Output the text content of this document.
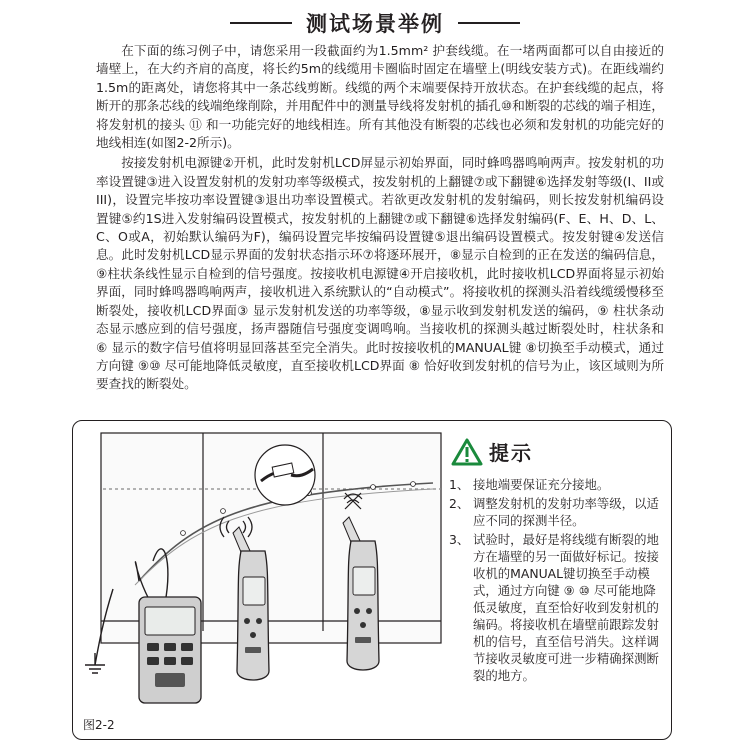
测试场景举例

在下面的练习例子中，请您采用一段截面约为1.5mm² 护套线缆。在一堵两面都可以自由接近的墙壁上，在大约齐肩的高度，将长约5m的线缆用卡圈临时固定在墙壁上(明线安装方式)。在距线端约1.5m的距离处，请您将其中一条芯线剪断。线缆的两个末端要保持开放状态。在护套线缆的起点，将断开的那条芯线的线端绝缘削除，并用配件中的测量导线将发射机的插孔⑩和断裂的芯线的端子相连，将发射机的接头 ⑪ 和一功能完好的地线相连。所有其他没有断裂的芯线也必须和发射机的功能完好的地线相连(如图2-2所示)。

按接发射机电源键②开机，此时发射机LCD屏显示初始界面，同时蜂鸣器鸣响两声。按发射机的功率设置键③进入设置发射机的发射功率等级模式，按发射机的上翻键⑦或下翻键⑥选择发射等级(I、II或III)，设置完毕按功率设置键③退出功率设置模式。若欲更改发射机的发射编码，则长按发射机编码设置键⑤约1S进入发射编码设置模式，按发射机的上翻键⑦或下翻键⑥选择发射编码(F、E、H、D、L、C、O或A，初始默认编码为F)，编码设置完毕按编码设置键⑤退出编码设置模式。按发射键④发送信息。此时发射机LCD显示界面的发射状态指示环⑦将逐环展开，⑧显示自检到的正在发送的编码信息，⑨柱状条线性显示自检到的信号强度。按接收机电源键④开启接收机，此时接收机LCD界面将显示初始界面，同时蜂鸣器鸣响两声，接收机进入系统默认的“自动模式”。将接收机的探测头沿着线缆缓慢移至断裂处，接收机LCD界面③ 显示发射机发送的功率等级，⑧显示收到发射机发送的编码，⑨ 柱状条动态显示感应到的信号强度，扬声器随信号强度变调鸣响。当接收机的探测头越过断裂处时，柱状条和 ⑥ 显示的数字信号值将明显回落甚至完全消失。此时按接收机的MANUAL键 ⑧切换至手动模式，通过方向键 ⑨⑩ 尽可能地降低灵敏度，直至接收机LCD界面 ⑧ 恰好收到发射机的信号为止，该区域则为所要查找的断裂处。

图2-2
提示
1、 接地端要保证充分接地。
2、 调整发射机的发射功率等级，以适应不同的探测半径。
3、 试验时，最好是将线缆有断裂的地方在墙壁的另一面做好标记。按接收机的MANUAL键切换至手动模式，通过方向键 ⑨ ⑩ 尽可能地降低灵敏度，直至恰好收到发射机的编码。将接收机在墙壁前跟踪发射机的信号，直至信号消失。这样调节接收灵敏度可进一步精确探测断裂的地方。
